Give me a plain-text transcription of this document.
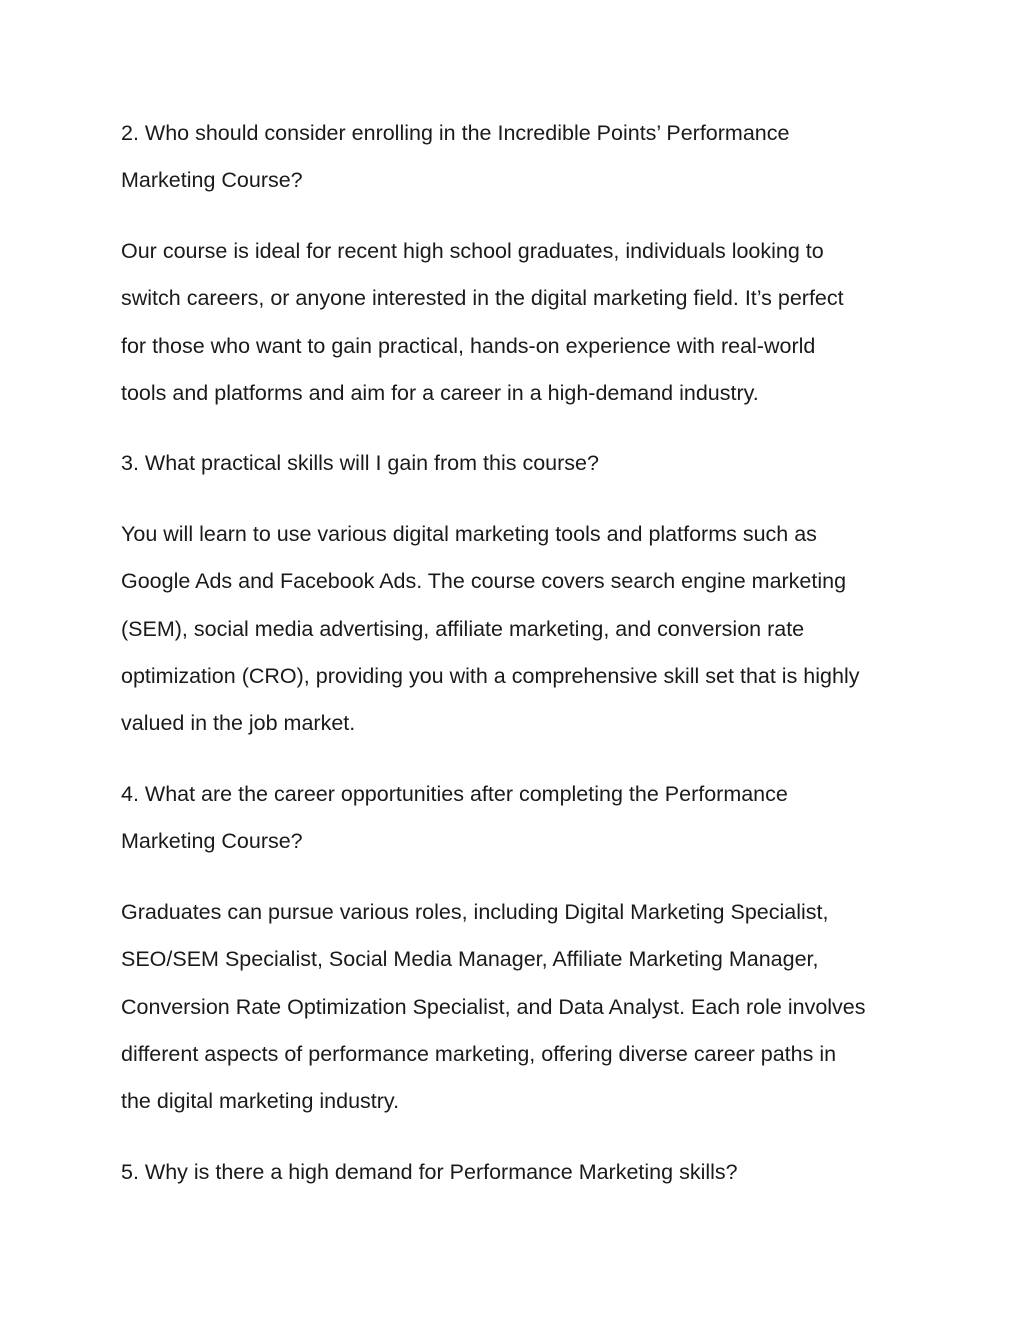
2. Who should consider enrolling in the Incredible Points’ Performance
Marketing Course?

Our course is ideal for recent high school graduates, individuals looking to
switch careers, or anyone interested in the digital marketing field. It’s perfect
for those who want to gain practical, hands-on experience with real-world
tools and platforms and aim for a career in a high-demand industry.

3. What practical skills will I gain from this course?

You will learn to use various digital marketing tools and platforms such as
Google Ads and Facebook Ads. The course covers search engine marketing
(SEM), social media advertising, affiliate marketing, and conversion rate
optimization (CRO), providing you with a comprehensive skill set that is highly
valued in the job market.

4. What are the career opportunities after completing the Performance
Marketing Course?

Graduates can pursue various roles, including Digital Marketing Specialist,
SEO/SEM Specialist, Social Media Manager, Affiliate Marketing Manager,
Conversion Rate Optimization Specialist, and Data Analyst. Each role involves
different aspects of performance marketing, offering diverse career paths in
the digital marketing industry.

5. Why is there a high demand for Performance Marketing skills?
